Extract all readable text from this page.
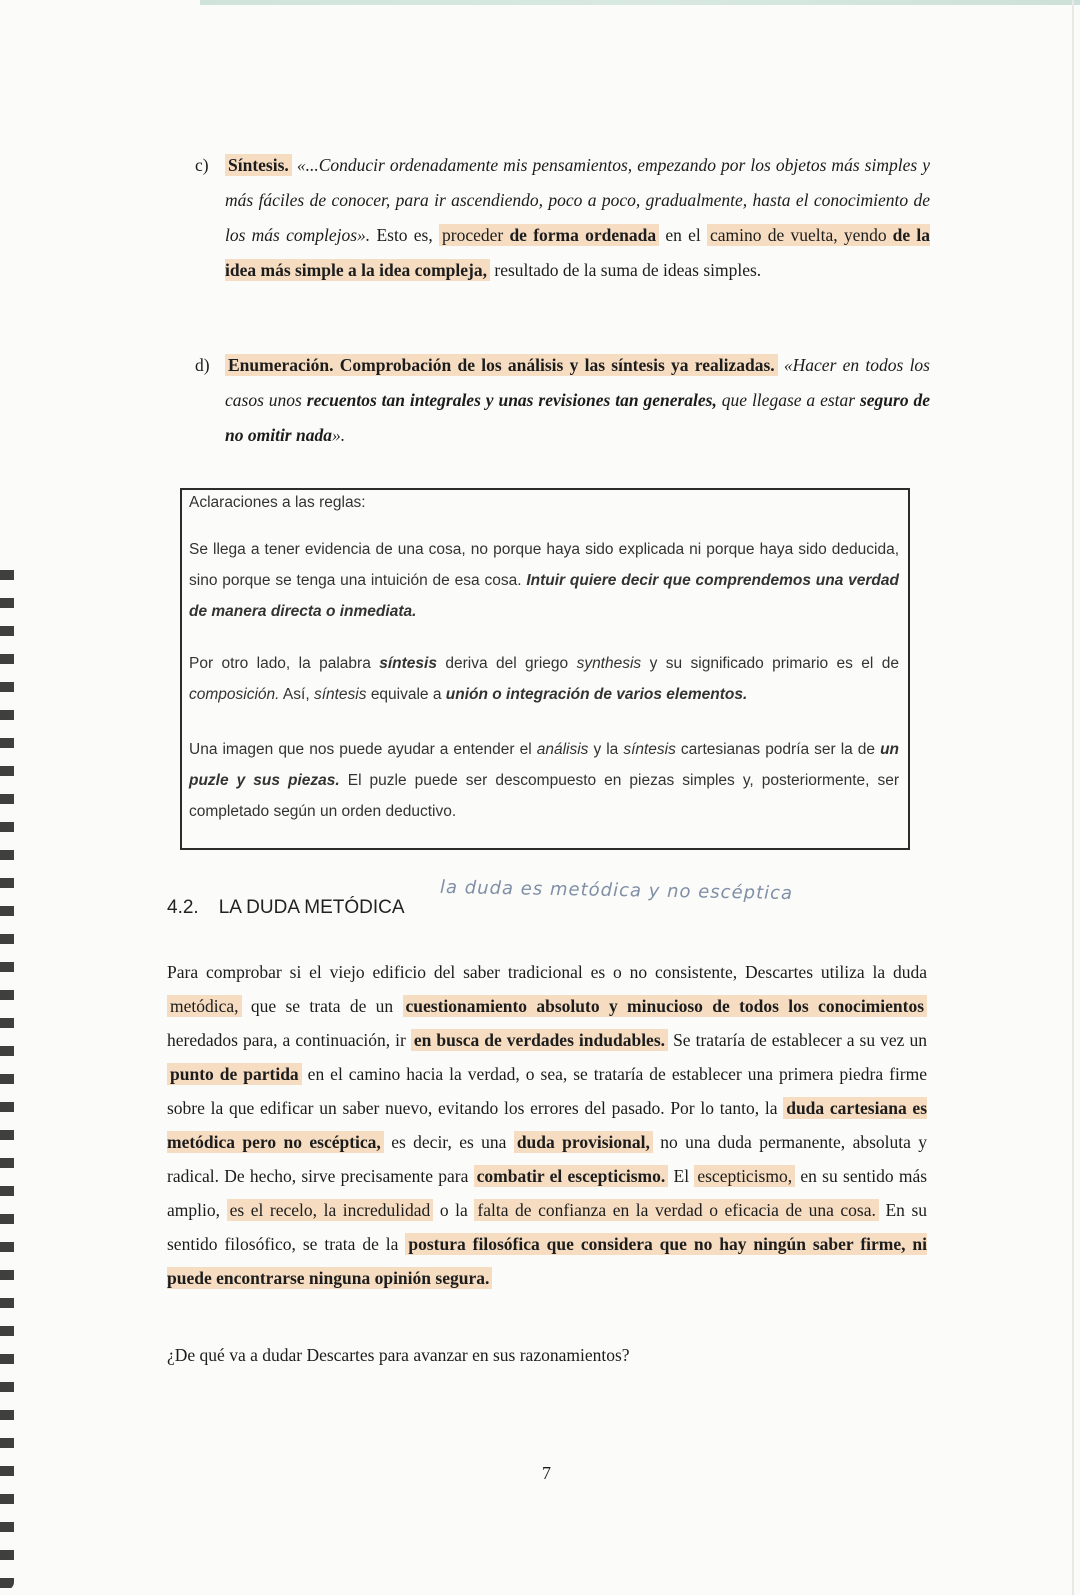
c) Síntesis. «...Conducir ordenadamente mis pensamientos, empezando por los objetos más simples y más fáciles de conocer, para ir ascendiendo, poco a poco, gradualmente, hasta el conocimiento de los más complejos». Esto es, proceder de forma ordenada en el camino de vuelta, yendo de la idea más simple a la idea compleja, resultado de la suma de ideas simples.
d) Enumeración. Comprobación de los análisis y las síntesis ya realizadas. «Hacer en todos los casos unos recuentos tan integrales y unas revisiones tan generales, que llegase a estar seguro de no omitir nada».
Aclaraciones a las reglas:
Se llega a tener evidencia de una cosa, no porque haya sido explicada ni porque haya sido deducida, sino porque se tenga una intuición de esa cosa. Intuir quiere decir que comprendemos una verdad de manera directa o inmediata.
Por otro lado, la palabra síntesis deriva del griego synthesis y su significado primario es el de composición. Así, síntesis equivale a unión o integración de varios elementos.
Una imagen que nos puede ayudar a entender el análisis y la síntesis cartesianas podría ser la de un puzle y sus piezas. El puzle puede ser descompuesto en piezas simples y, posteriormente, ser completado según un orden deductivo.
4.2. LA DUDA METÓDICA
la duda es metódica y no escéptica
Para comprobar si el viejo edificio del saber tradicional es o no consistente, Descartes utiliza la duda metódica, que se trata de un cuestionamiento absoluto y minucioso de todos los conocimientos heredados para, a continuación, ir en busca de verdades indudables. Se trataría de establecer a su vez un punto de partida en el camino hacia la verdad, o sea, se trataría de establecer una primera piedra firme sobre la que edificar un saber nuevo, evitando los errores del pasado. Por lo tanto, la duda cartesiana es metódica pero no escéptica, es decir, es una duda provisional, no una duda permanente, absoluta y radical. De hecho, sirve precisamente para combatir el escepticismo. El escepticismo, en su sentido más amplio, es el recelo, la incredulidad o la falta de confianza en la verdad o eficacia de una cosa. En su sentido filosófico, se trata de la postura filosófica que considera que no hay ningún saber firme, ni puede encontrarse ninguna opinión segura.
¿De qué va a dudar Descartes para avanzar en sus razonamientos?
7
